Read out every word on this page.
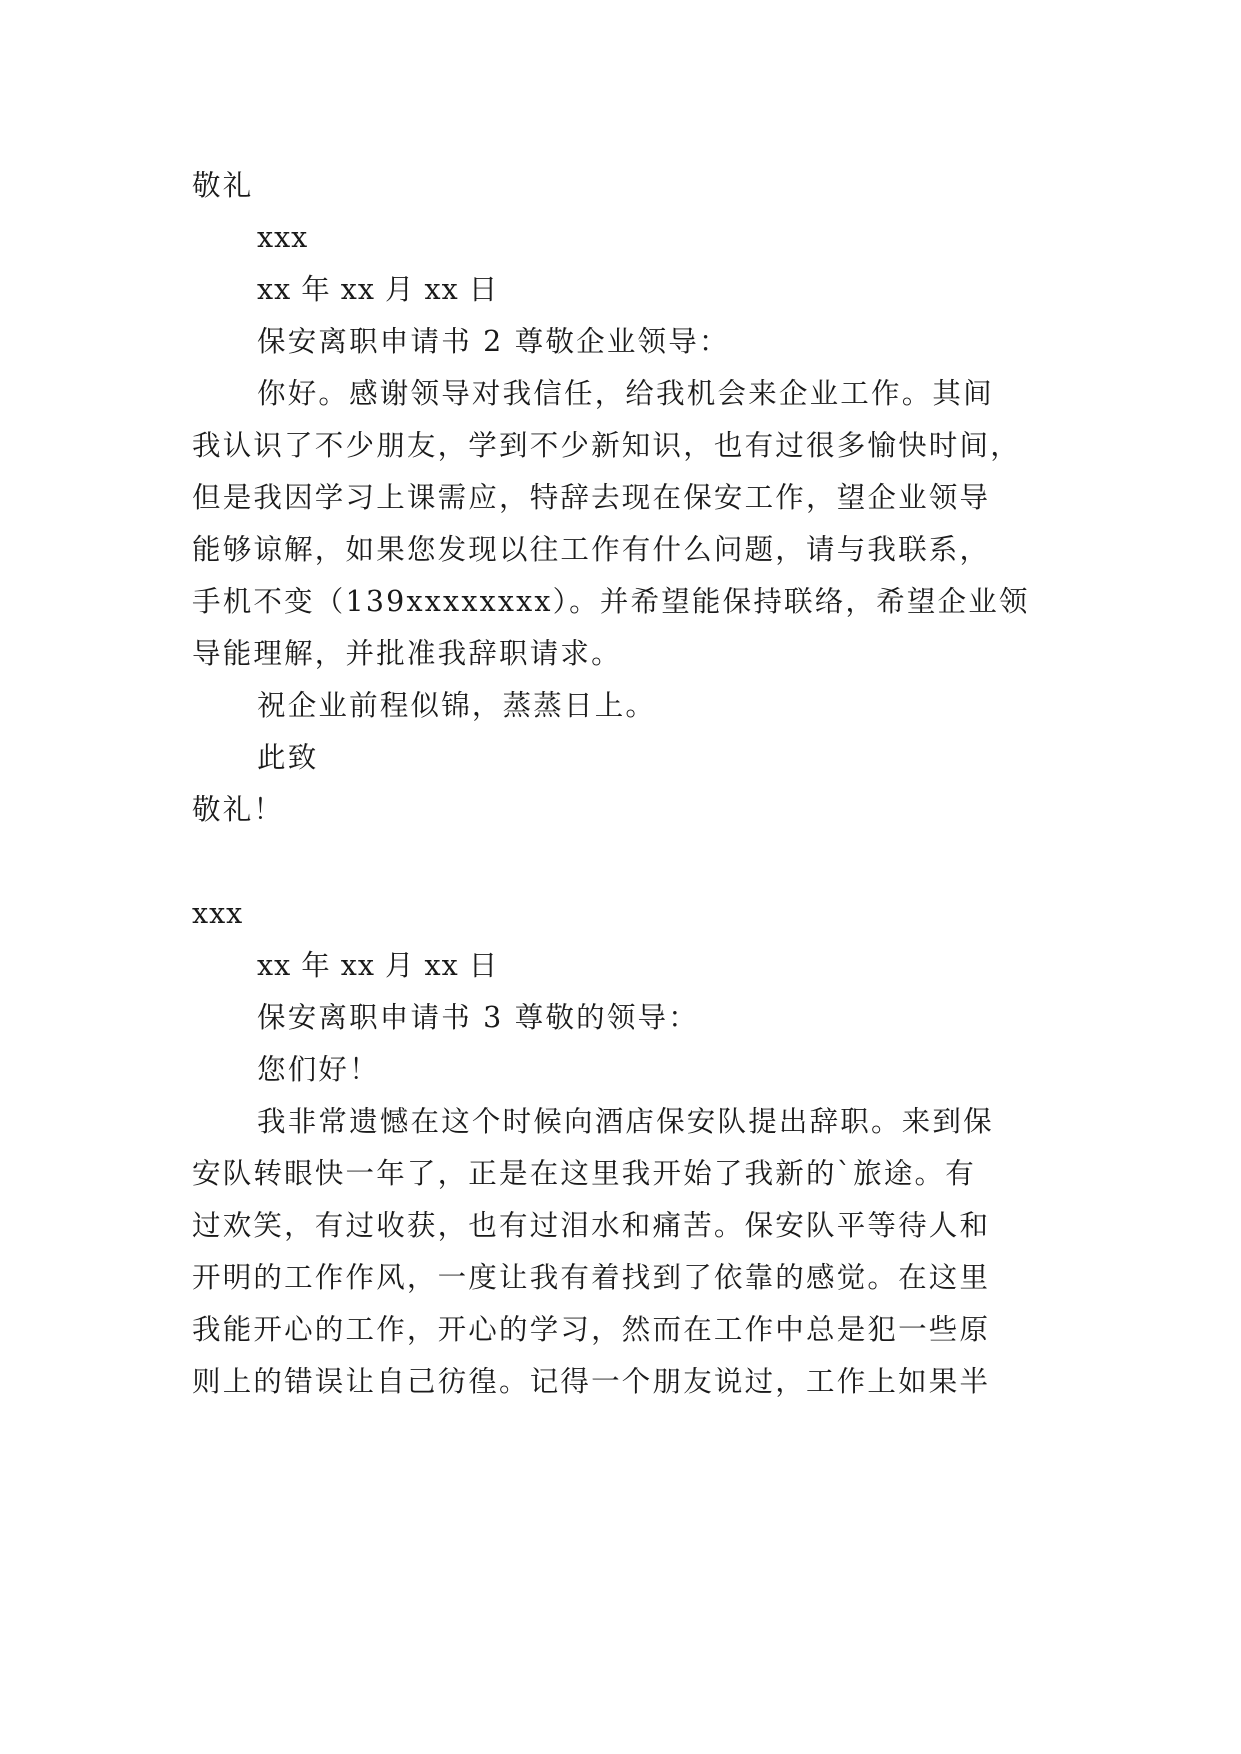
敬礼
xxx
xx 年 xx 月 xx 日
保安离职申请书 2 尊敬企业领导：
你好。感谢领导对我信任，给我机会来企业工作。其间
我认识了不少朋友，学到不少新知识，也有过很多愉快时间，
但是我因学习上课需应，特辞去现在保安工作，望企业领导
能够谅解，如果您发现以往工作有什么问题，请与我联系，
手机不变（139xxxxxxxx）。并希望能保持联络，希望企业领
导能理解，并批准我辞职请求。
祝企业前程似锦，蒸蒸日上。
此致
敬礼！
xxx
xx 年 xx 月 xx 日
保安离职申请书 3 尊敬的领导：
您们好！
我非常遗憾在这个时候向酒店保安队提出辞职。来到保
安队转眼快一年了，正是在这里我开始了我新的`旅途。有
过欢笑，有过收获，也有过泪水和痛苦。保安队平等待人和
开明的工作作风，一度让我有着找到了依靠的感觉。在这里
我能开心的工作，开心的学习，然而在工作中总是犯一些原
则上的错误让自己彷徨。记得一个朋友说过，工作上如果半
